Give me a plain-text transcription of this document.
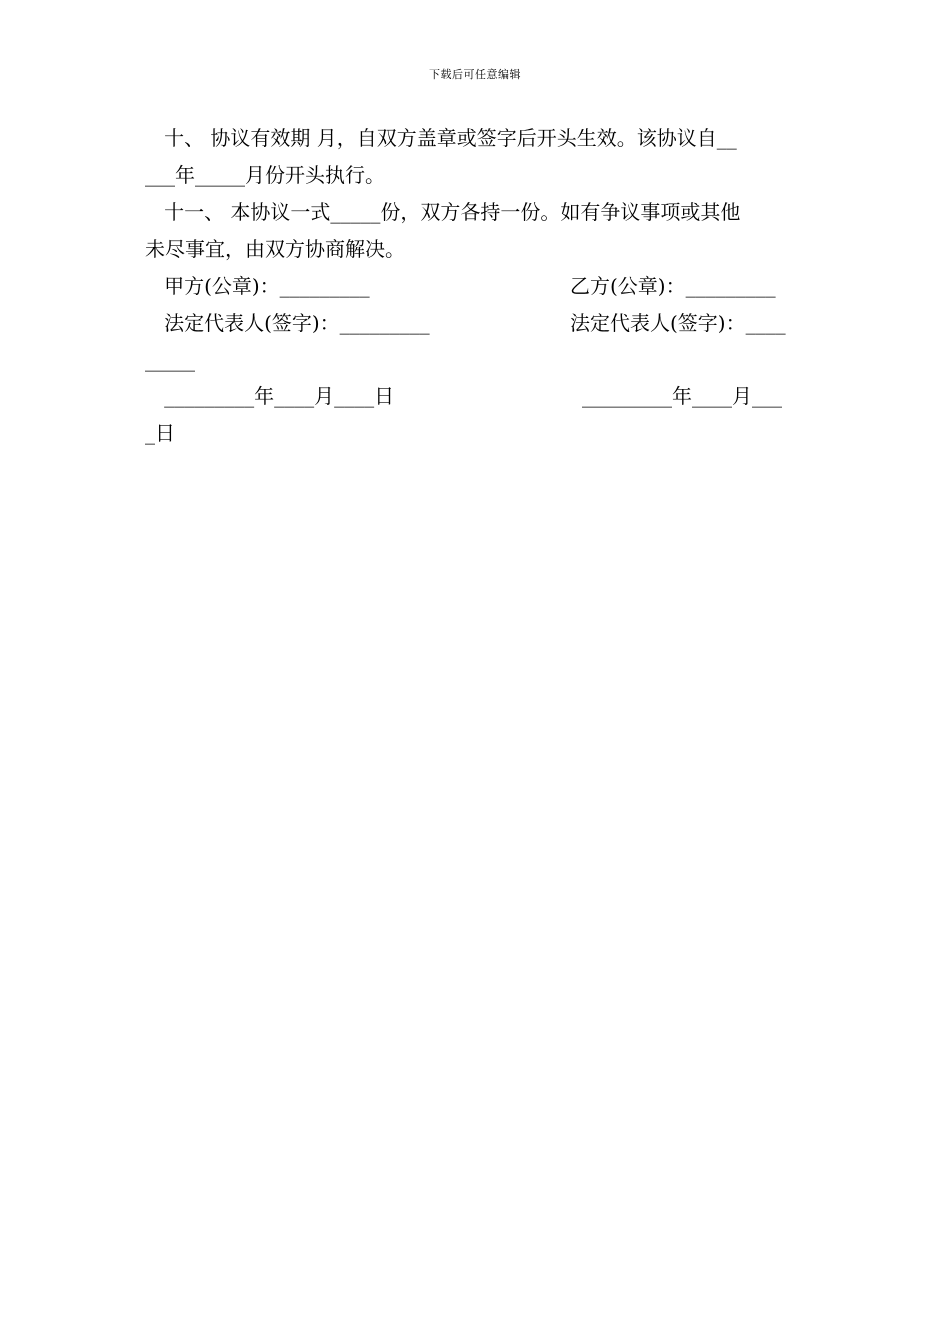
下载后可任意编辑
十、 协议有效期 月，自双方盖章或签字后开头生效。该协议自__
___年_____月份开头执行。
十一、 本协议一式_____份，双方各持一份。如有争议事项或其他
未尽事宜，由双方协商解决。
甲方(公章)：_________	乙方(公章)：_________
法定代表人(签字)：_________	法定代表人(签字)：____
_____
_________年____月____日	_________年____月___
_日
